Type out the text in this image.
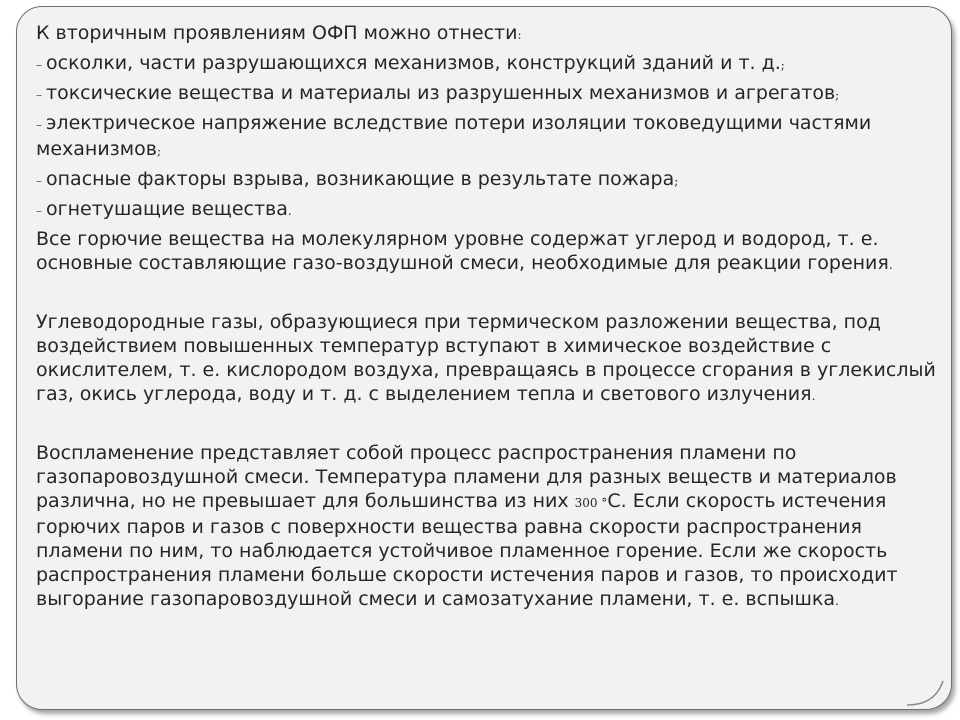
К вторичным проявлениям ОФП можно отнести:

– осколки, части разрушающихся механизмов, конструкций зданий и т. д.;

– токсические вещества и материалы из разрушенных механизмов и агрегатов;

– электрическое напряжение вследствие потери изоляции токоведущими частями механизмов;

– опасные факторы взрыва, возникающие в результате пожара;

– огнетушащие вещества.

Все горючие вещества на молекулярном уровне содержат углерод и водород, т. е. основные составляющие газо-воздушной смеси, необходимые для реакции горения.

Углеводородные газы, образующиеся при термическом разложении вещества, под воздействием повышенных температур вступают в химическое воздействие с окислителем, т. е. кислородом воздуха, превращаясь в процессе сгорания в углекислый газ, окись углерода, воду и т. д. с выделением тепла и светового излучения.

Воспламенение представляет собой процесс распространения пламени по газопаровоздушной смеси. Температура пламени для разных веществ и материалов различна, но не превышает для большинства из них 300 °С. Если скорость истечения горючих паров и газов с поверхности вещества равна скорости распространения пламени по ним, то наблюдается устойчивое пламенное горение. Если же скорость распространения пламени больше скорости истечения паров и газов, то происходит выгорание газопаровоздушной смеси и самозатухание пламени, т. е. вспышка.
